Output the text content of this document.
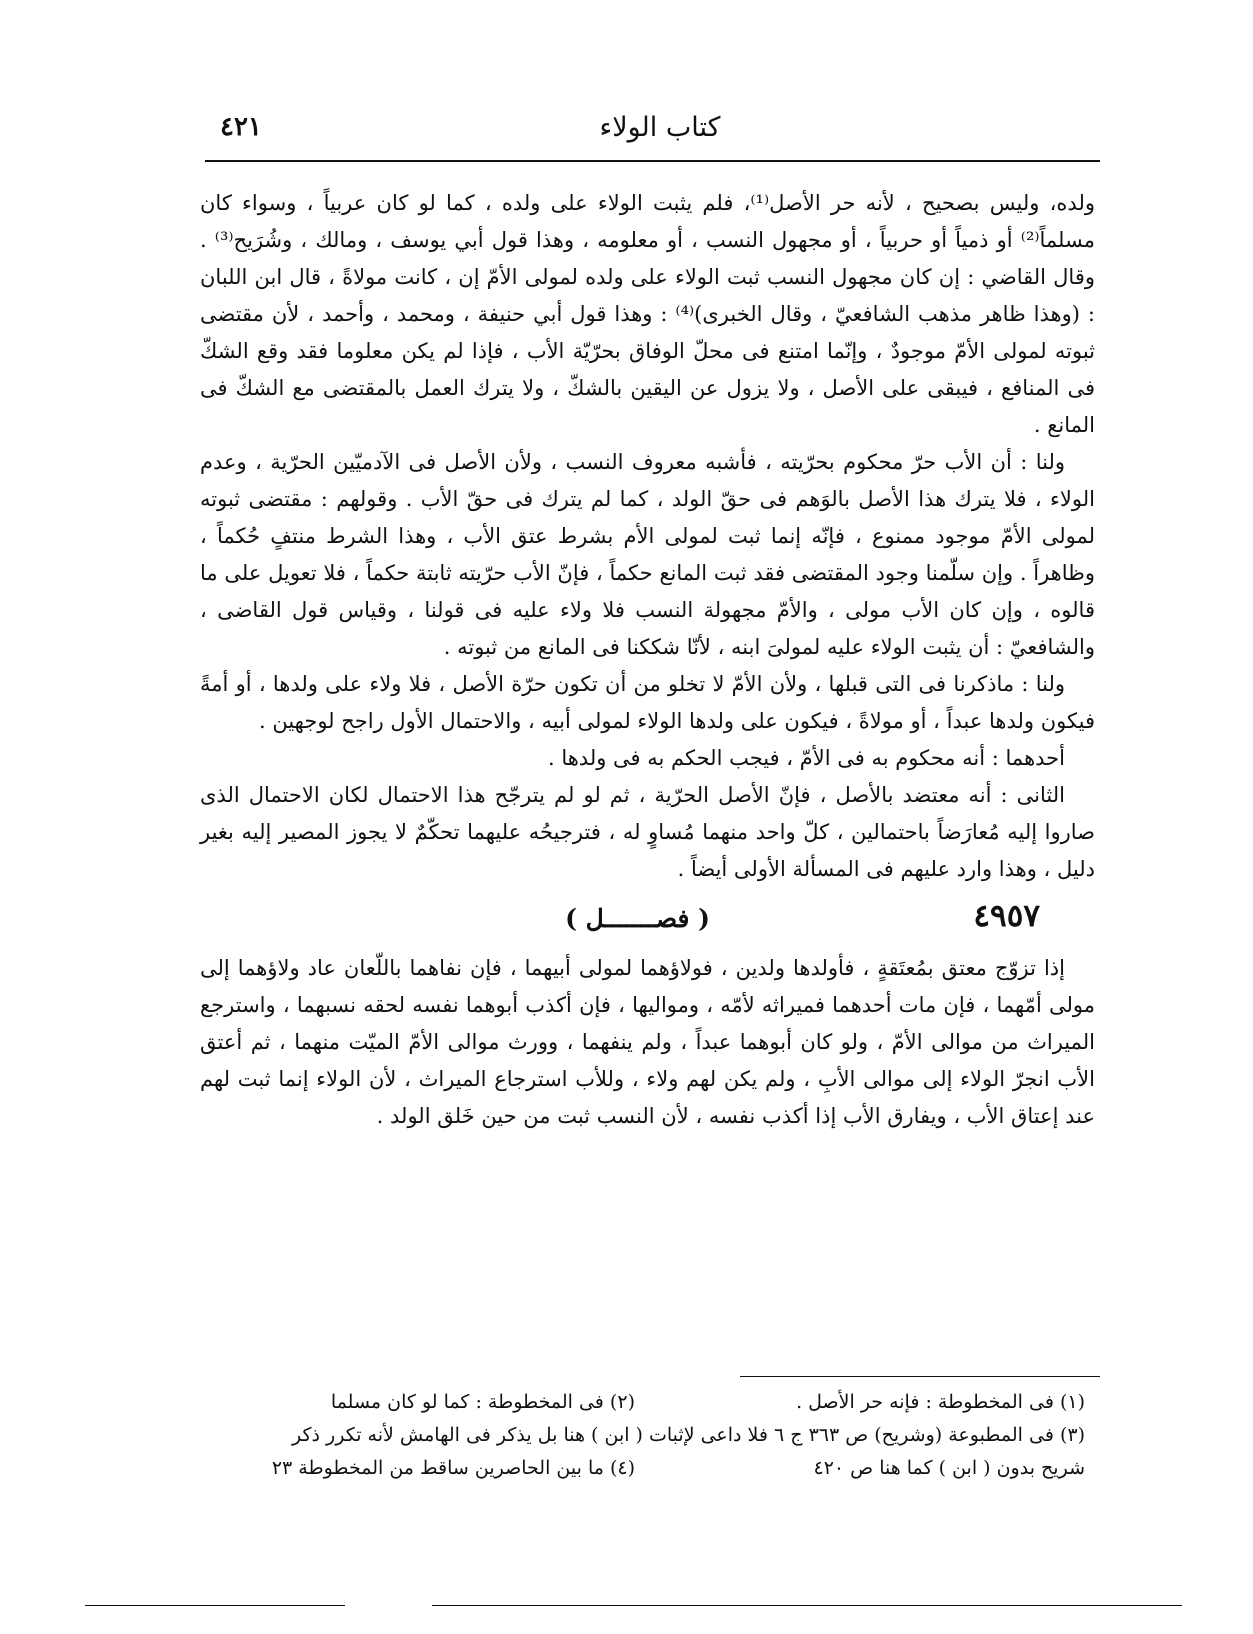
٤٢١	كتاب الولاء

ولده، وليس بصحيح ، لأنه حر الأصل⁽¹⁾، فلم يثبت الولاء على ولده ، كما لو كان عربياً ، وسواء كان مسلماً⁽²⁾ أو ذمياً أو حربياً ، أو مجهول النسب ، أو معلومه ، وهذا قول أبي يوسف ، ومالك ، وشُرَيح⁽³⁾ . وقال القاضي : إن كان مجهول النسب ثبت الولاء على ولده لمولى الأمّ إن ، كانت مولاةً ، قال ابن اللبان : (وهذا ظاهر مذهب الشافعيّ ، وقال الخبرى)⁽⁴⁾ : وهذا قول أبي حنيفة ، ومحمد ، وأحمد ، لأن مقتضى ثبوته لمولى الأمّ موجودٌ ، وإنّما امتنع فى محلّ الوفاق بحرّيّة الأب ، فإذا لم يكن معلوما فقد وقع الشكّ فى المنافع ، فيبقى على الأصل ، ولا يزول عن اليقين بالشكّ ، ولا يترك العمل بالمقتضى مع الشكّ فى المانع .

ولنا : أن الأب حرّ محكوم بحرّيته ، فأشبه معروف النسب ، ولأن الأصل فى الآدميّين الحرّية ، وعدم الولاء ، فلا يترك هذا الأصل بالوَهم فى حقّ الولد ، كما لم يترك فى حقّ الأب . وقولهم : مقتضى ثبوته لمولى الأمّ موجود ممنوع ، فإنّه إنما ثبت لمولى الأم بشرط عتق الأب ، وهذا الشرط منتفٍ حُكماً ، وظاهراً . وإن سلّمنا وجود المقتضى فقد ثبت المانع حكماً ، فإنّ الأب حرّيته ثابتة حكماً ، فلا تعويل على ما قالوه ، وإن كان الأب مولى ، والأمّ مجهولة النسب فلا ولاء عليه فى قولنا ، وقياس قول القاضى ، والشافعيّ : أن يثبت الولاء عليه لمولىَ ابنه ، لأنّا شككنا فى المانع من ثبوته .

ولنا : ماذكرنا فى التى قبلها ، ولأن الأمّ لا تخلو من أن تكون حرّة الأصل ، فلا ولاء على ولدها ، أو أمةً فيكون ولدها عبداً ، أو مولاةً ، فيكون على ولدها الولاء لمولى أبيه ، والاحتمال الأول راجح لوجهين .

أحدهما : أنه محكوم به فى الأمّ ، فيجب الحكم به فى ولدها .

الثانى : أنه معتضد بالأصل ، فإنّ الأصل الحرّية ، ثم لو لم يترجّح هذا الاحتمال لكان الاحتمال الذى صاروا إليه مُعارَضاً باحتمالين ، كلّ واحد منهما مُساوٍ له ، فترجيحُه عليهما تحكّمٌ لا يجوز المصير إليه بغير دليل ، وهذا وارد عليهم فى المسألة الأولى أيضاً .

٤٩٥٧
( فصـــــــل )

إذا تزوّج معتق بمُعتَقةٍ ، فأولدها ولدين ، فولاؤهما لمولى أبيهما ، فإن نفاهما باللّعان عاد ولاؤهما إلى مولى أمّهما ، فإن مات أحدهما فميراثه لأمّه ، ومواليها ، فإن أكذب أبوهما نفسه لحقه نسبهما ، واسترجع الميراث من موالى الأمّ ، ولو كان أبوهما عبداً ، ولم ينفهما ، وورث موالى الأمّ الميّت منهما ، ثم أعتق الأب انجرّ الولاء إلى موالى الأبِ ، ولم يكن لهم ولاء ، وللأب استرجاع الميراث ، لأن الولاء إنما ثبت لهم عند إعتاق الأب ، ويفارق الأب إذا أكذب نفسه ، لأن النسب ثبت من حين خَلق الولد .

(١) فى المخطوطة : فإنه حر الأصل .
(٢) فى المخطوطة : كما لو كان مسلما
(٣) فى المطبوعة (وشريح) ص ٣٦٣ ج ٦ فلا داعى لإثبات ( ابن ) هنا بل يذكر فى الهامش لأنه تكرر ذكر
شريح بدون ( ابن ) كما هنا ص ٤٢٠
(٤) ما بين الحاصرين ساقط من المخطوطة ٢٣
